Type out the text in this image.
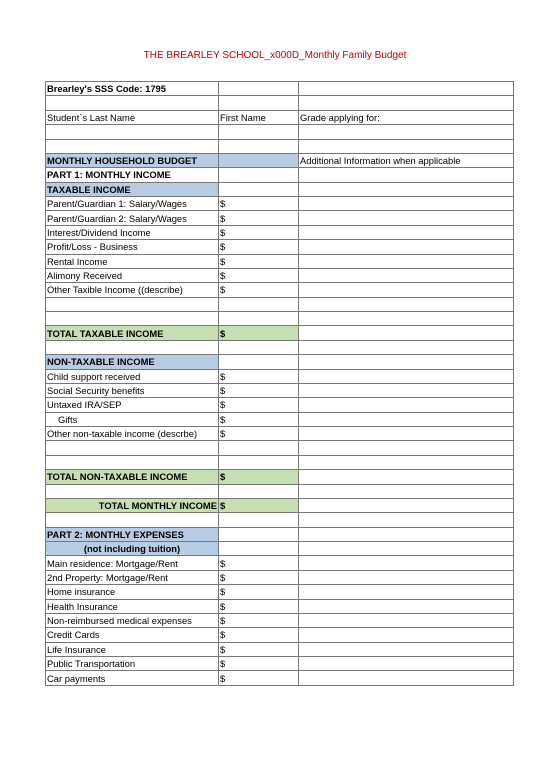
THE BREARLEY SCHOOL_x000D_Monthly Family Budget
Brearley's SSS Code: 1795		

Student`s Last Name	First Name	Grade applying for:

MONTHLY HOUSEHOLD BUDGET		Additional Information when applicable
PART 1: MONTHLY INCOME		
TAXABLE INCOME		
Parent/Guardian 1: Salary/Wages	$	
Parent/Guardian 2: Salary/Wages	$	
Interest/Dividend Income	$	
Profit/Loss - Business	$	
Rental Income	$	
Alimony Received	$	
Other Taxible Income ((describe)	$	

TOTAL TAXABLE INCOME	$	

NON-TAXABLE INCOME		
Child support received	$	
Social Security benefits	$	
Untaxed IRA/SEP	$	
Gifts	$	
Other non-taxable income (descrbe)	$	

TOTAL NON-TAXABLE INCOME	$	

TOTAL MONTHLY INCOME	$	

PART 2: MONTHLY EXPENSES		
(not including tuition)		
Main residence: Mortgage/Rent	$	
2nd Property: Mortgage/Rent	$	
Home insurance	$	
Health Insurance	$	
Non-reimbursed medical expenses	$	
Credit Cards	$	
Life Insurance	$	
Public Transportation	$	
Car payments	$	
